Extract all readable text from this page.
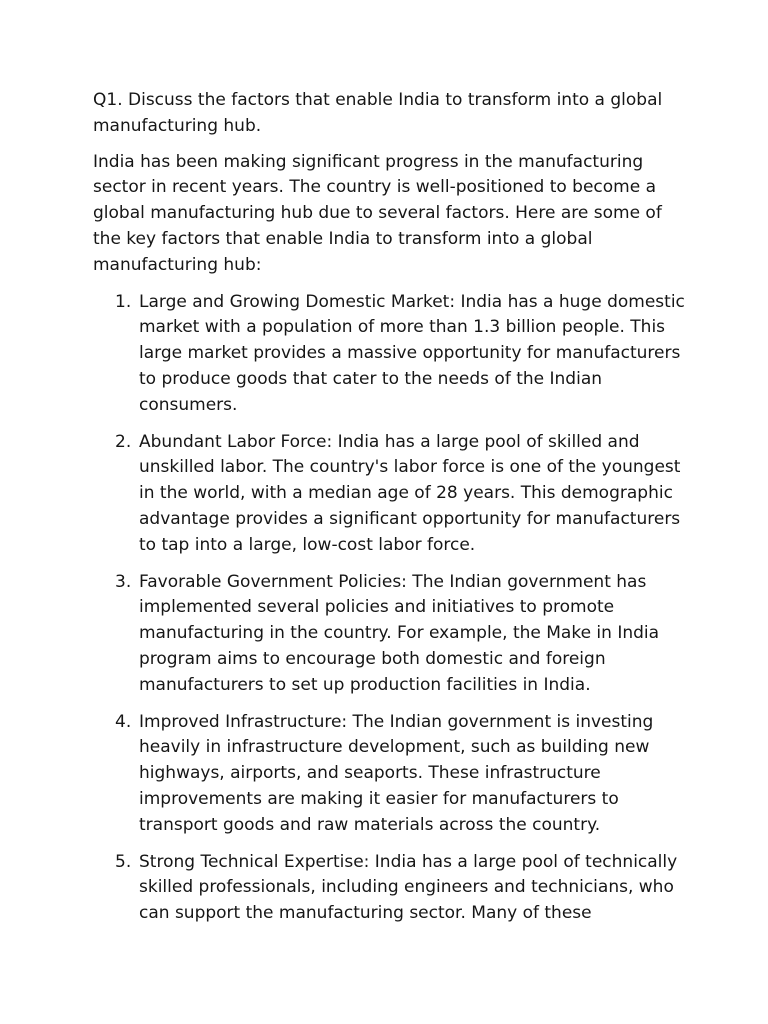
Q1. Discuss the factors that enable India to transform into a global manufacturing hub.

India has been making significant progress in the manufacturing sector in recent years. The country is well-positioned to become a global manufacturing hub due to several factors. Here are some of the key factors that enable India to transform into a global manufacturing hub:

1. Large and Growing Domestic Market: India has a huge domestic market with a population of more than 1.3 billion people. This large market provides a massive opportunity for manufacturers to produce goods that cater to the needs of the Indian consumers.
2. Abundant Labor Force: India has a large pool of skilled and unskilled labor. The country's labor force is one of the youngest in the world, with a median age of 28 years. This demographic advantage provides a significant opportunity for manufacturers to tap into a large, low-cost labor force.
3. Favorable Government Policies: The Indian government has implemented several policies and initiatives to promote manufacturing in the country. For example, the Make in India program aims to encourage both domestic and foreign manufacturers to set up production facilities in India.
4. Improved Infrastructure: The Indian government is investing heavily in infrastructure development, such as building new highways, airports, and seaports. These infrastructure improvements are making it easier for manufacturers to transport goods and raw materials across the country.
5. Strong Technical Expertise: India has a large pool of technically skilled professionals, including engineers and technicians, who can support the manufacturing sector. Many of these
